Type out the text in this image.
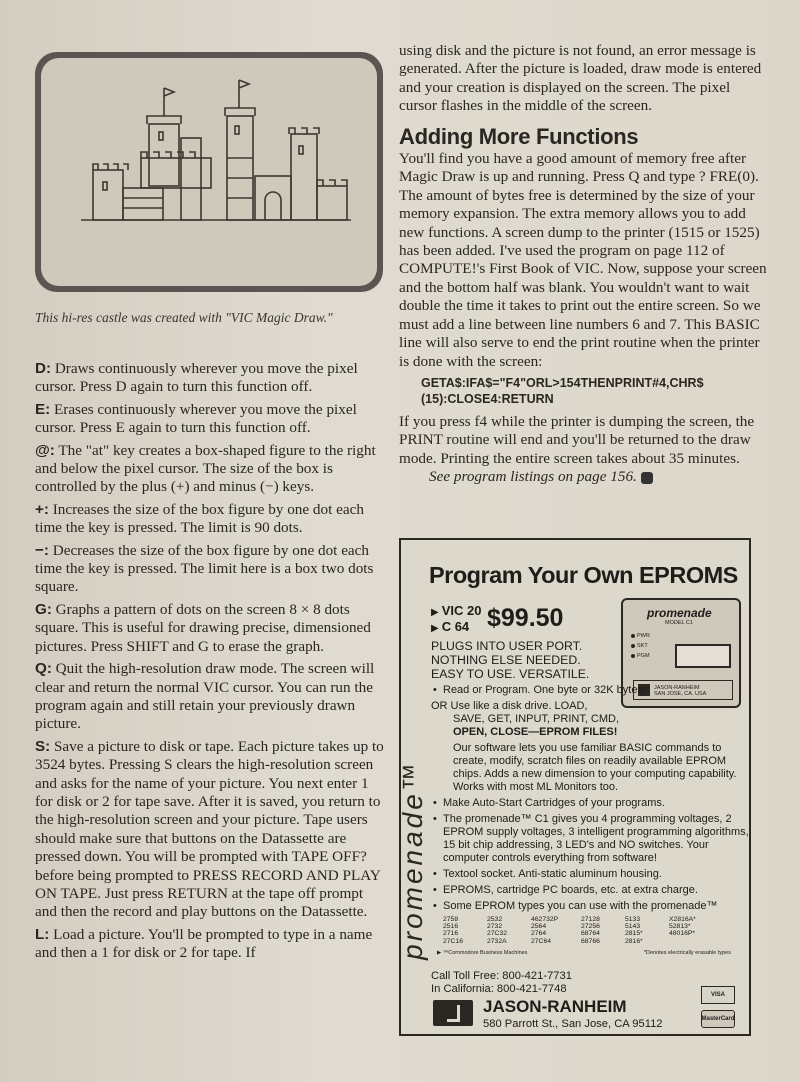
This hi-res castle was created with "VIC Magic Draw."

D: Draws continuously wherever you move the pixel cursor. Press D again to turn this function off.

E: Erases continuously wherever you move the pixel cursor. Press E again to turn this function off.

@: The "at" key creates a box-shaped figure to the right and below the pixel cursor. The size of the box is controlled by the plus (+) and minus (−) keys.

+: Increases the size of the box figure by one dot each time the key is pressed. The limit is 90 dots.

−: Decreases the size of the box figure by one dot each time the key is pressed. The limit here is a box two dots square.

G: Graphs a pattern of dots on the screen 8 × 8 dots square. This is useful for drawing precise, dimensioned pictures. Press SHIFT and G to erase the graph.

Q: Quit the high-resolution draw mode. The screen will clear and return the normal VIC cursor. You can run the program again and still retain your previously drawn picture.

S: Save a picture to disk or tape. Each picture takes up to 3524 bytes. Pressing S clears the high-resolution screen and asks for the name of your picture. You next enter 1 for disk or 2 for tape save. After it is saved, you return to the high-resolution screen and your picture. Tape users should make sure that buttons on the Datassette are pressed down. You will be prompted with TAPE OFF? before being prompted to PRESS RECORD AND PLAY ON TAPE. Just press RETURN at the tape off prompt and then the record and play buttons on the Datassette.

L: Load a picture. You'll be prompted to type in a name and then a 1 for disk or 2 for tape. If

using disk and the picture is not found, an error message is generated. After the picture is loaded, draw mode is entered and your creation is displayed on the screen. The pixel cursor flashes in the middle of the screen.

Adding More Functions

You'll find you have a good amount of memory free after Magic Draw is up and running. Press Q and type ? FRE(0). The amount of bytes free is determined by the size of your memory expansion. The extra memory allows you to add new functions. A screen dump to the printer (1515 or 1525) has been added. I've used the program on page 112 of COMPUTE!'s First Book of VIC. Now, suppose your screen and the bottom half was blank. You wouldn't want to wait double the time it takes to print out the entire screen. So we must add a line between line numbers 6 and 7. This BASIC line will also serve to end the print routine when the printer is done with the screen:

GETA$:IFA$="F4"ORL>154THENPRINT#4,CHR$
(15):CLOSE4:RETURN

If you press f4 while the printer is dumping the screen, the PRINT routine will end and you'll be returned to the draw mode. Printing the entire screen takes about 35 minutes.

See program listings on page 156.

Program Your Own EPROMS
promenade™
▶ VIC 20
▶ C 64 $99.50
PLUGS INTO USER PORT.
NOTHING ELSE NEEDED.
EASY TO USE. VERSATILE.
promenade
MODEL C1
PWR
SKT
PGM
JASON-RANHEIM
SAN JOSE, CA. USA
• Read or Program. One byte or 32K bytes!
OR Use like a disk drive. LOAD,
SAVE, GET, INPUT, PRINT, CMD,
OPEN, CLOSE—EPROM FILES!
Our software lets you use familiar BASIC commands to create, modify, scratch files on readily available EPROM chips. Adds a new dimension to your computing capability. Works with most ML Monitors too.
• Make Auto-Start Cartridges of your programs.
• The promenade™ C1 gives you 4 programming voltages, 2 EPROM supply voltages, 3 intelligent programming algorithms, 15 bit chip addressing, 3 LED's and NO switches. Your computer controls everything from software!
• Textool socket. Anti-static aluminum housing.
• EPROMS, cartridge PC boards, etc. at extra charge.
• Some EPROM types you can use with the promenade™
2758	2532	462732P	27128	5133	X2816A*
2516	2732	2564	27256	5143	52813*
2716	27C32	2764	68764	2815*	48016P*
27C16	2732A	27C64	68766	2816*
▶ ™Commodore Business Machines	*Denotes electrically erasable types
Call Toll Free: 800-421-7731
In California: 800-421-7748
JASON-RANHEIM
580 Parrott St., San Jose, CA 95112
VISA
MasterCard
